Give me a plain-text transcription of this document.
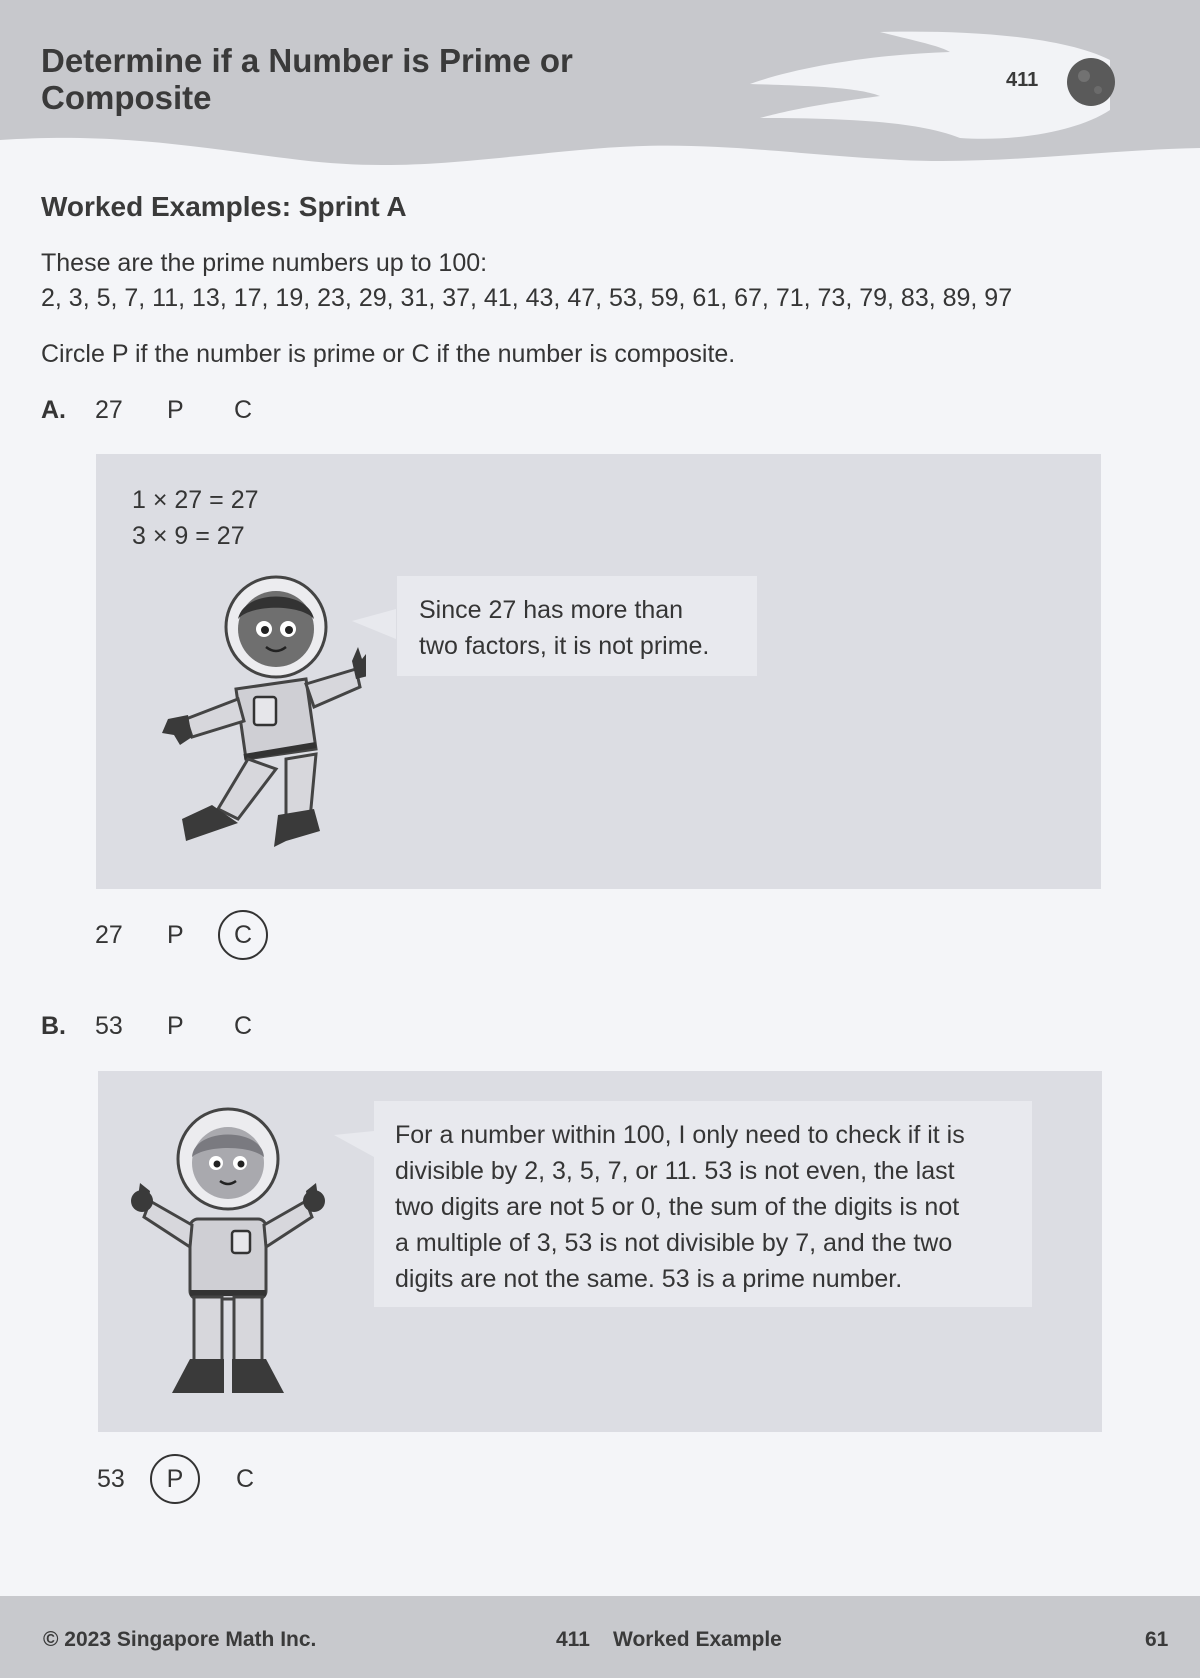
Determine if a Number is Prime or
Composite	411
Worked Examples: Sprint A
These are the prime numbers up to 100:
2, 3, 5, 7, 11, 13, 17, 19, 23, 29, 31, 37, 41, 43, 47, 53, 59, 61, 67, 71, 73, 79, 83, 89, 97
Circle P if the number is prime or C if the number is composite.
A. 27 P C
1 × 27 = 27
3 × 9 = 27
Since 27 has more than
two factors, it is not prime.
27 P C
B. 53 P C
For a number within 100, I only need to check if it is
divisible by 2, 3, 5, 7, or 11. 53 is not even, the last
two digits are not 5 or 0, the sum of the digits is not
a multiple of 3, 53 is not divisible by 7, and the two
digits are not the same. 53 is a prime number.
53 P C
© 2023 Singapore Math Inc.	411 Worked Example	61
